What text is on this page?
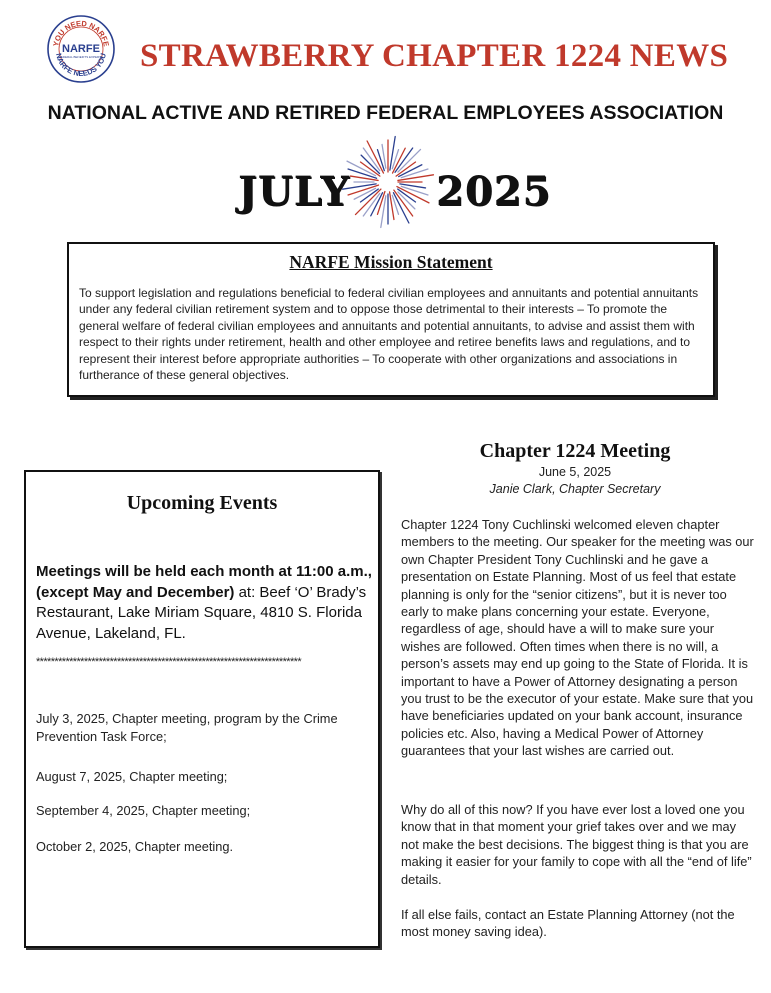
YOU NEED NARFE
NARFE NEEDS YOU
NARFE
FEDERAL BENEFITS EXPERTS STRAWBERRY CHAPTER 1224 NEWS
NATIONAL ACTIVE AND RETIRED FEDERAL EMPLOYEES ASSOCIATION
JULY 2025
NARFE Mission Statement

To support legislation and regulations beneficial to federal civilian employees and annuitants and potential annuitants under any federal civilian retirement system and to oppose those detrimental to their interests – To promote the general welfare of federal civilian employees and annuitants and potential annuitants, to advise and assist them with respect to their rights under retirement, health and other employee and retiree benefits laws and regulations, and to represent their interest before appropriate authorities – To cooperate with other organizations and associations in furtherance of these general objectives.

Upcoming Events

Meetings will be held each month at 11:00 a.m., (except May and December) at: Beef ‘O’ Brady’s Restaurant, Lake Miriam Square, 4810 S. Florida Avenue, Lakeland, FL.

************************************************************************

July 3, 2025, Chapter meeting, program by the Crime Prevention Task Force;

August 7, 2025, Chapter meeting;

September 4, 2025, Chapter meeting;

October 2, 2025, Chapter meeting.

Chapter 1224 Meeting

June 5, 2025

Janie Clark, Chapter Secretary

Chapter 1224 Tony Cuchlinski welcomed eleven chapter members to the meeting. Our speaker for the meeting was our own Chapter President Tony Cuchlinski and he gave a presentation on Estate Planning. Most of us feel that estate planning is only for the “senior citizens”, but it is never too early to make plans concerning your estate. Everyone, regardless of age, should have a will to make sure your wishes are followed. Often times when there is no will, a person’s assets may end up going to the State of Florida. It is important to have a Power of Attorney designating a person you trust to be the executor of your estate. Make sure that you have beneficiaries updated on your bank account, insurance policies etc. Also, having a Medical Power of Attorney guarantees that your last wishes are carried out.

Why do all of this now? If you have ever lost a loved one you know that in that moment your grief takes over and we may not make the best decisions. The biggest thing is that you are making it easier for your family to cope with all the “end of life” details.

If all else fails, contact an Estate Planning Attorney (not the most money saving idea).
